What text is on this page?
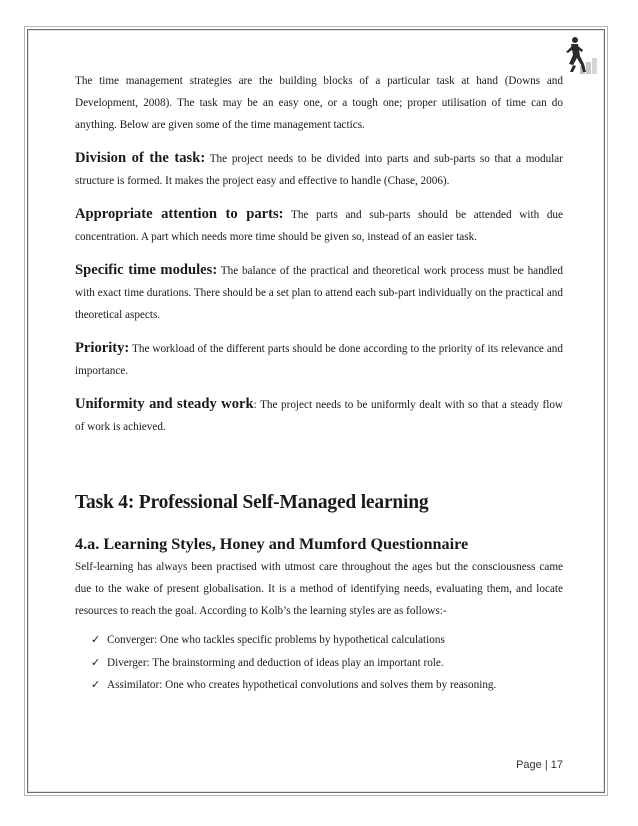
The time management strategies are the building blocks of a particular task at hand (Downs and Development, 2008). The task may be an easy one, or a tough one; proper utilisation of time can do anything. Below are given some of the time management tactics.

Division of the task: The project needs to be divided into parts and sub-parts so that a modular structure is formed. It makes the project easy and effective to handle (Chase, 2006).

Appropriate attention to parts: The parts and sub-parts should be attended with due concentration. A part which needs more time should be given so, instead of an easier task.

Specific time modules: The balance of the practical and theoretical work process must be handled with exact time durations. There should be a set plan to attend each sub-part individually on the practical and theoretical aspects.

Priority: The workload of the different parts should be done according to the priority of its relevance and importance.

Uniformity and steady work: The project needs to be uniformly dealt with so that a steady flow of work is achieved.

Task 4: Professional Self-Managed learning
4.a. Learning Styles, Honey and Mumford Questionnaire

Self-learning has always been practised with utmost care throughout the ages but the consciousness came due to the wake of present globalisation. It is a method of identifying needs, evaluating them, and locate resources to reach the goal. According to Kolb’s the learning styles are as follows:-

✓ Converger: One who tackles specific problems by hypothetical calculations
✓ Diverger: The brainstorming and deduction of ideas play an important role.
✓ Assimilator: One who creates hypothetical convolutions and solves them by reasoning.
Page | 17
